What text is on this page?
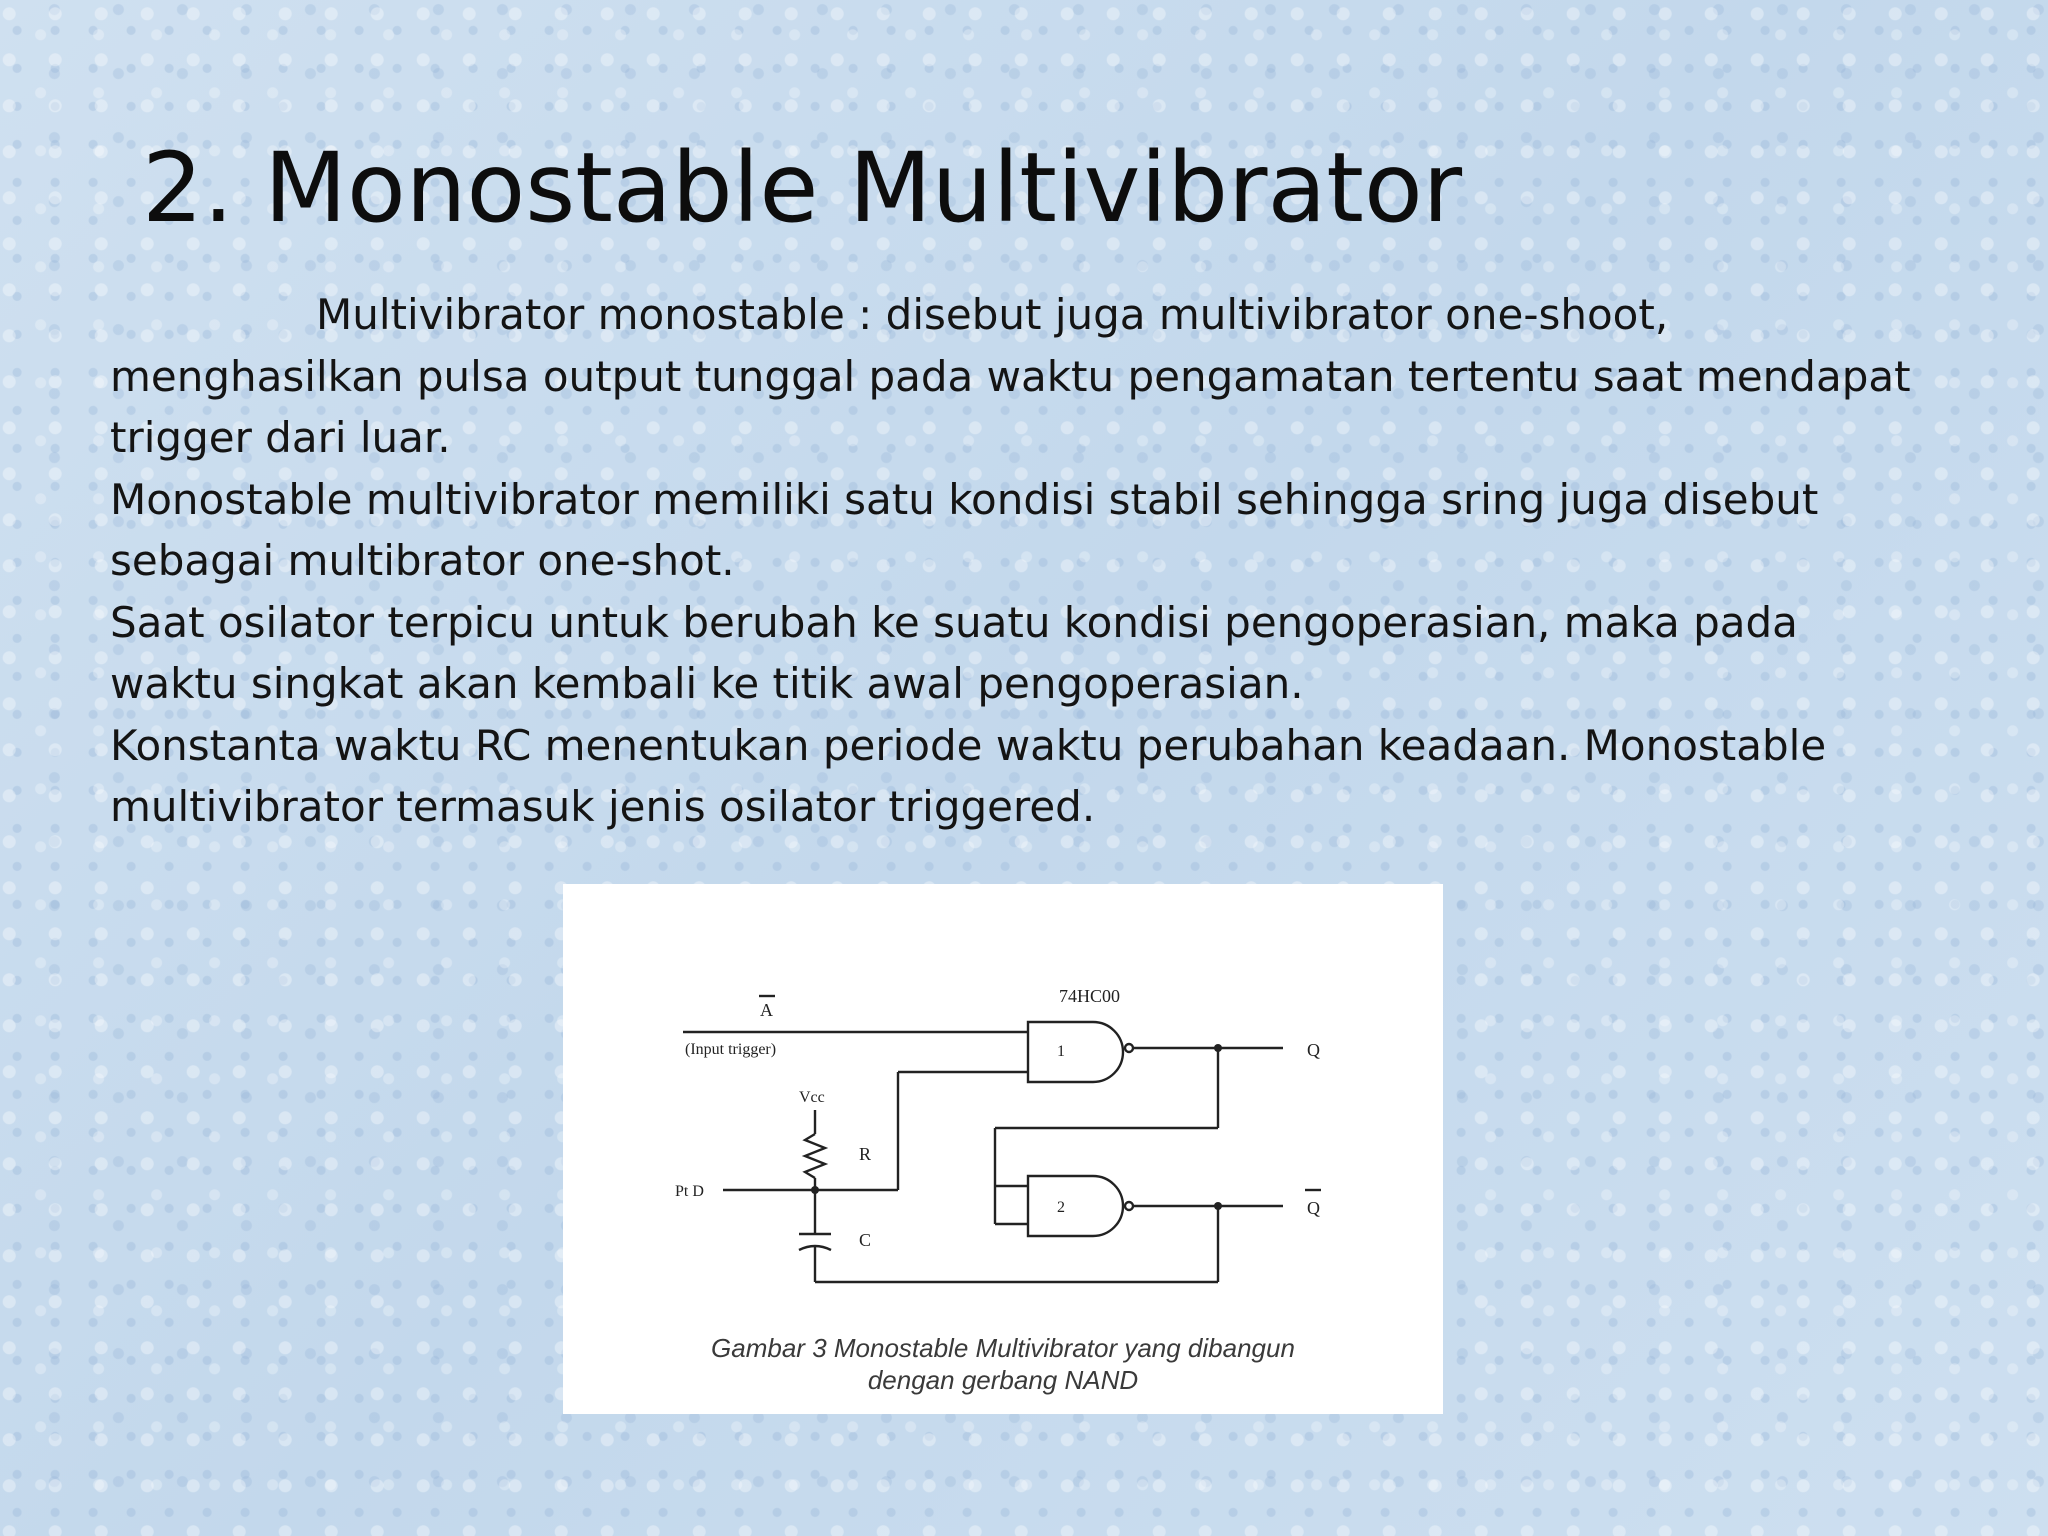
2. Monostable Multivibrator

Multivibrator monostable : disebut juga multivibrator one-shoot,

menghasilkan pulsa output tunggal pada waktu pengamatan tertentu saat mendapat

trigger dari luar.

Monostable multivibrator memiliki satu kondisi stabil sehingga sring juga disebut

sebagai multibrator one-shot.

Saat osilator terpicu untuk berubah ke suatu kondisi pengoperasian, maka pada

waktu singkat akan kembali ke titik awal pengoperasian.

Konstanta waktu RC menentukan periode waktu perubahan keadaan. Monostable

multivibrator termasuk jenis osilator triggered.

74HC00
A
(Input trigger)
Vcc
R
C
Pt D
1
2
Q
Q
Gambar 3 Monostable Multivibrator yang dibangun
dengan gerbang NAND
